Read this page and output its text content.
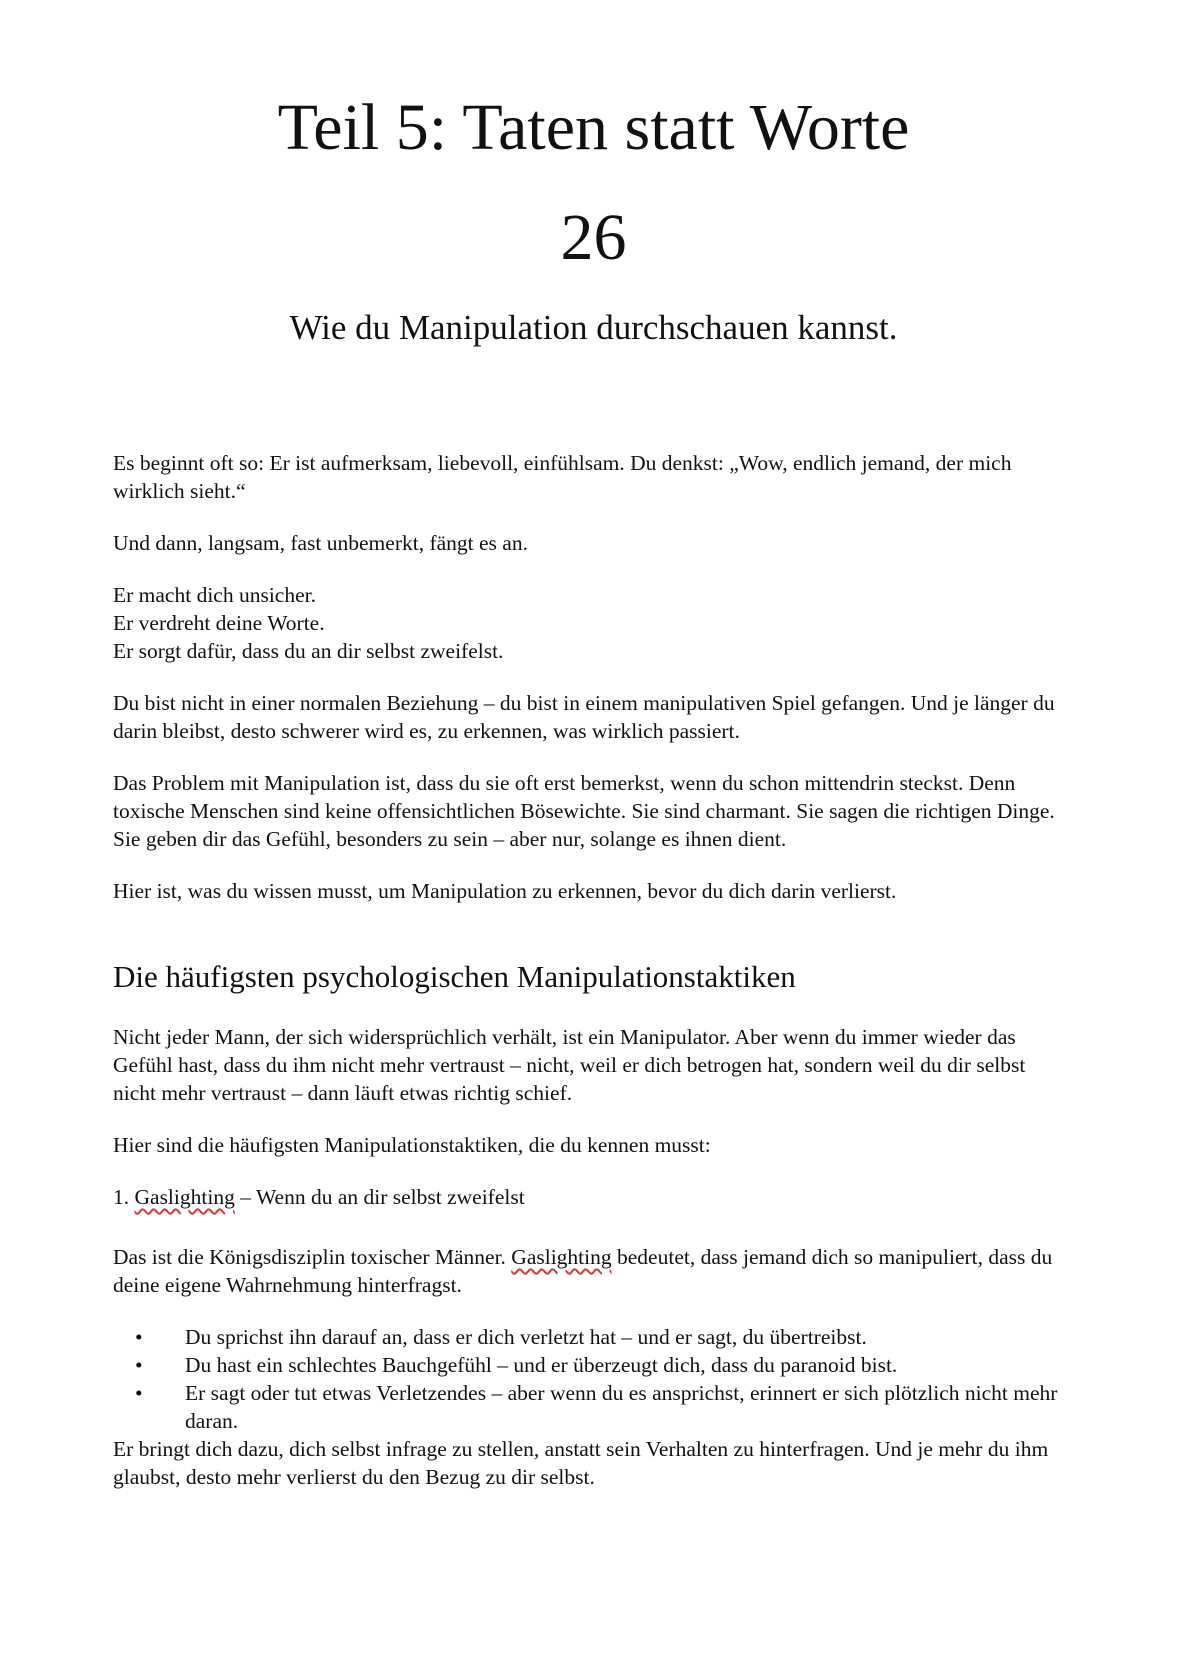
Teil 5: Taten statt Worte
26
Wie du Manipulation durchschauen kannst.

Es beginnt oft so: Er ist aufmerksam, liebevoll, einfühlsam. Du denkst: „Wow, endlich jemand, der mich wirklich sieht.“

Und dann, langsam, fast unbemerkt, fängt es an.

Er macht dich unsicher.
Er verdreht deine Worte.
Er sorgt dafür, dass du an dir selbst zweifelst.

Du bist nicht in einer normalen Beziehung – du bist in einem manipulativen Spiel gefangen. Und je länger du darin bleibst, desto schwerer wird es, zu erkennen, was wirklich passiert.

Das Problem mit Manipulation ist, dass du sie oft erst bemerkst, wenn du schon mittendrin steckst. Denn toxische Menschen sind keine offensichtlichen Bösewichte. Sie sind charmant. Sie sagen die richtigen Dinge. Sie geben dir das Gefühl, besonders zu sein – aber nur, solange es ihnen dient.

Hier ist, was du wissen musst, um Manipulation zu erkennen, bevor du dich darin verlierst.

Die häufigsten psychologischen Manipulationstaktiken

Nicht jeder Mann, der sich widersprüchlich verhält, ist ein Manipulator. Aber wenn du immer wieder das Gefühl hast, dass du ihm nicht mehr vertraust – nicht, weil er dich betrogen hat, sondern weil du dir selbst nicht mehr vertraust – dann läuft etwas richtig schief.

Hier sind die häufigsten Manipulationstaktiken, die du kennen musst:

1. Gaslighting – Wenn du an dir selbst zweifelst

Das ist die Königsdisziplin toxischer Männer. Gaslighting bedeutet, dass jemand dich so manipuliert, dass du deine eigene Wahrnehmung hinterfragst.

• Du sprichst ihn darauf an, dass er dich verletzt hat – und er sagt, du übertreibst.
• Du hast ein schlechtes Bauchgefühl – und er überzeugt dich, dass du paranoid bist.
• Er sagt oder tut etwas Verletzendes – aber wenn du es ansprichst, erinnert er sich plötzlich nicht mehr daran.

Er bringt dich dazu, dich selbst infrage zu stellen, anstatt sein Verhalten zu hinterfragen. Und je mehr du ihm glaubst, desto mehr verlierst du den Bezug zu dir selbst.
